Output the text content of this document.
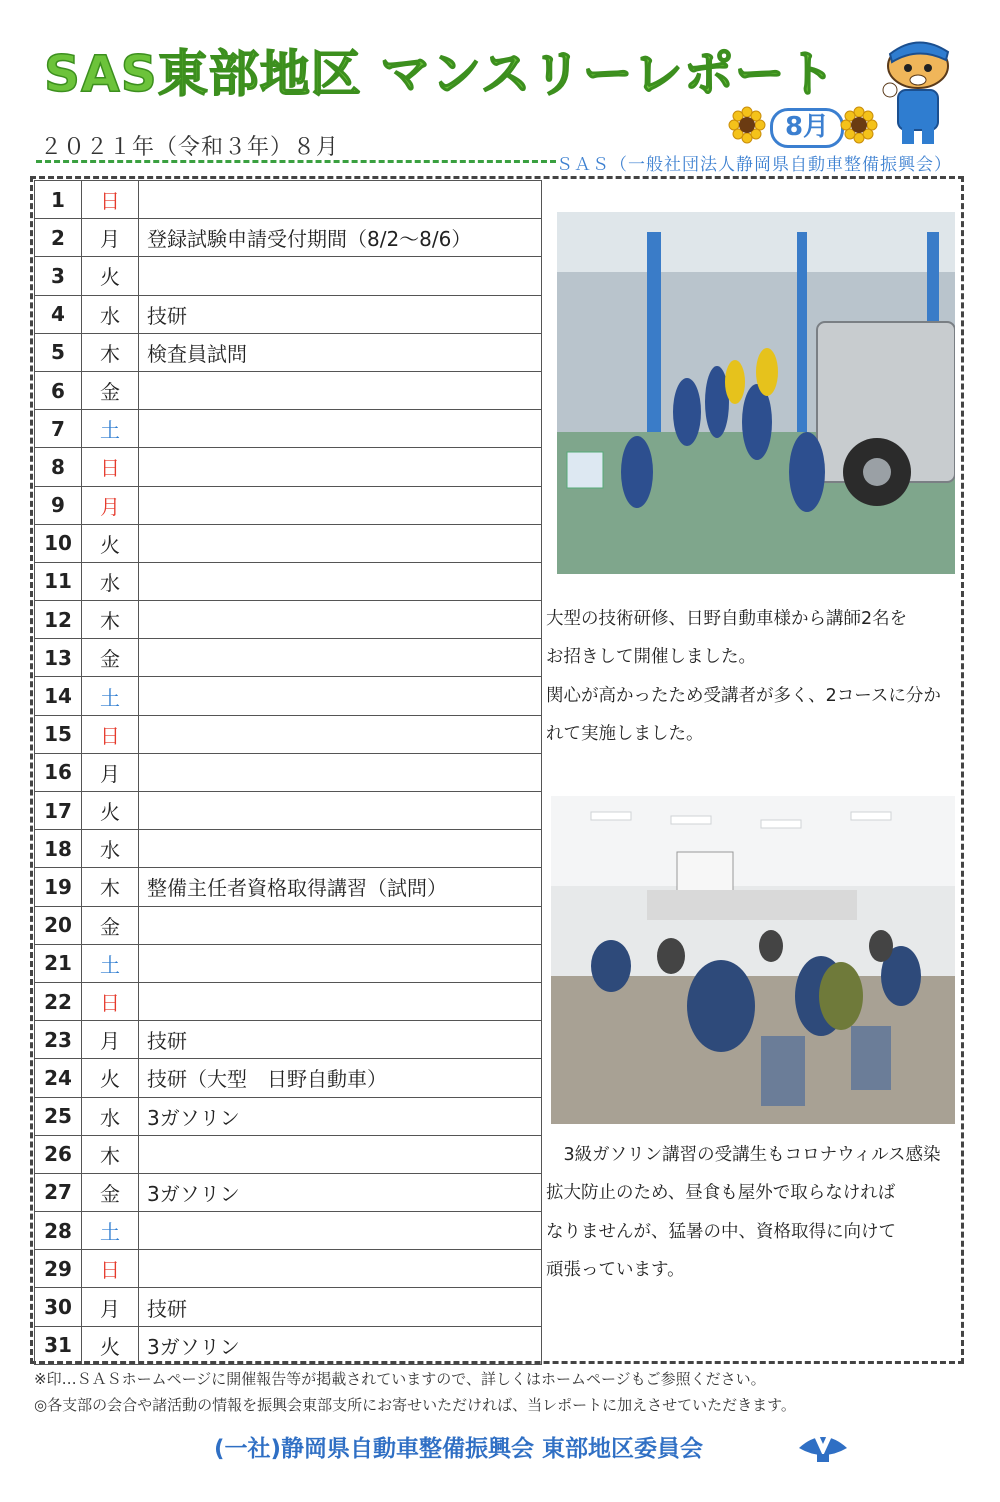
SAS東部地区 マンスリーレポート
8月
２０２１年（令和３年）８月
ＳＡＳ（一般社団法人静岡県自動車整備振興会）
1	日	
2	月	登録試験申請受付期間（8/2～8/6）
3	火	
4	水	技研
5	木	検査員試問
6	金	
7	土	
8	日	
9	月	
10	火	
11	水	
12	木	
13	金	
14	土	
15	日	
16	月	
17	火	
18	水	
19	木	整備主任者資格取得講習（試問）
20	金	
21	土	
22	日	
23	月	技研
24	火	技研（大型　日野自動車）
25	水	3ガソリン
26	木	
27	金	3ガソリン
28	土	
29	日	
30	月	技研
31	火	3ガソリン
大型の技術研修、日野自動車様から講師2名を
お招きして開催しました。
関心が高かったため受講者が多く、2コースに分か
れて実施しました。
　3級ガソリン講習の受講生もコロナウィルス感染
拡大防止のため、昼食も屋外で取らなければ
なりませんが、猛暑の中、資格取得に向けて
頑張っています。
※印…ＳＡＳホームページに開催報告等が掲載されていますので、詳しくはホームページもご参照ください。
◎各支部の会合や諸活動の情報を振興会東部支所にお寄せいただければ、当レポートに加えさせていただきます。
(一社)静岡県自動車整備振興会 東部地区委員会
